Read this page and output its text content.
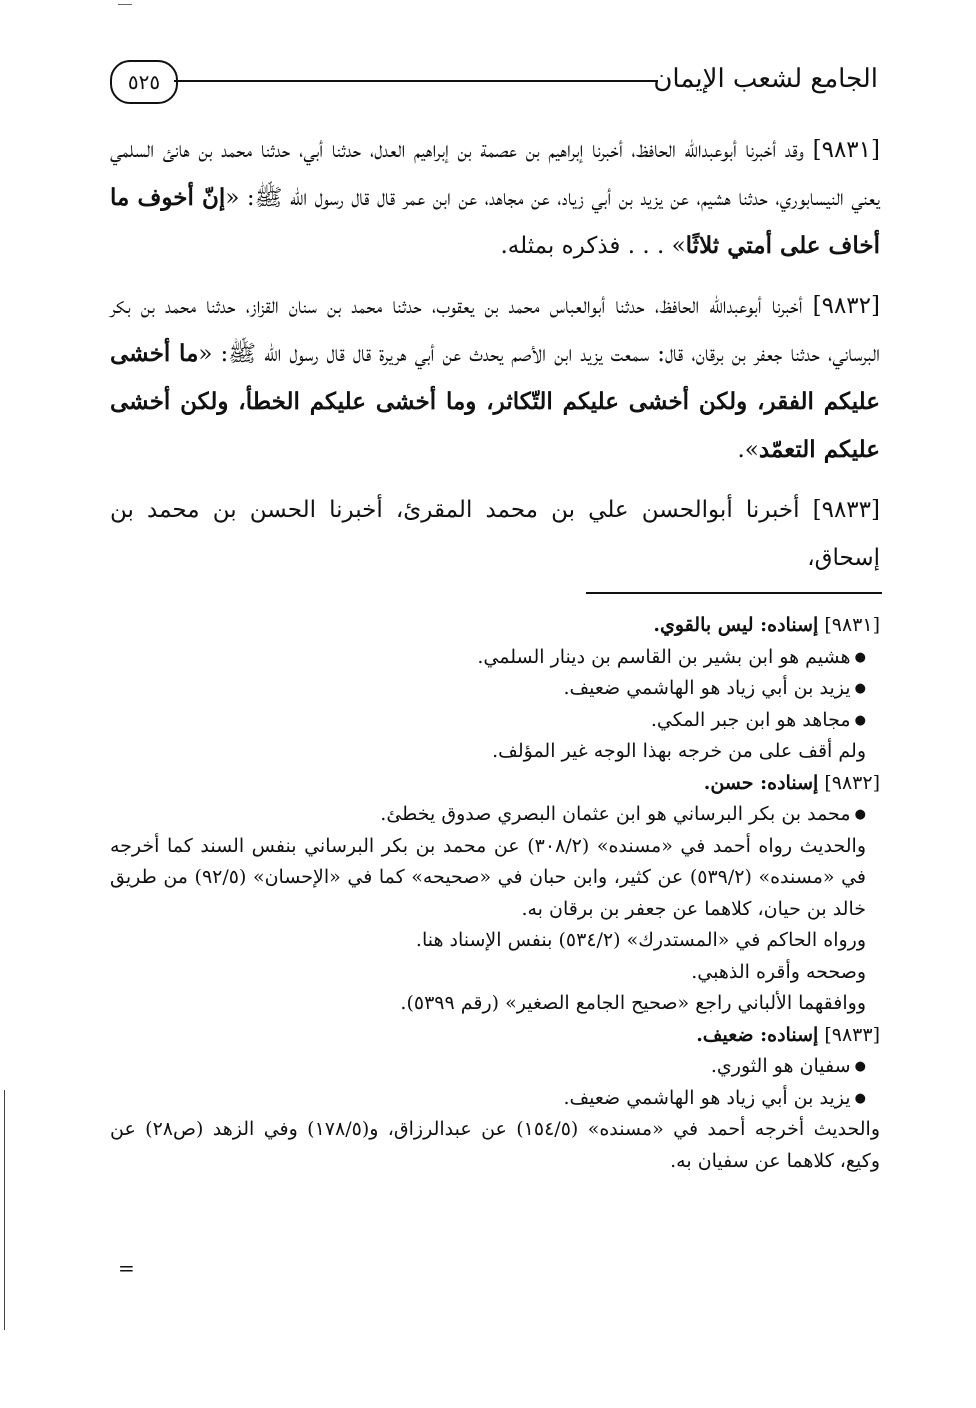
الجامع لشعب الإيمان
٥٢٥

[٩٨٣١] وقد أخبرنا أبوعبدالله الحافظ، أخبرنا إبراهيم بن عصمة بن إبراهيم العدل، حدثنا أبي، حدثنا محمد بن هانئ السلمي يعني النيسابوري، حدثنا هشيم، عن يزيد بن أبي زياد، عن مجاهد، عن ابن عمر قال قال رسول الله ﷺ: «إنّ أخوف ما أخاف على أمتي ثلاثًا» . . . فذكره بمثله.

[٩٨٣٢] أخبرنا أبوعبدالله الحافظ، حدثنا أبوالعباس محمد بن يعقوب، حدثنا محمد بن سنان القزاز، حدثنا محمد بن بكر البرساني، حدثنا جعفر بن برقان، قال: سمعت يزيد ابن الأصم يحدث عن أبي هريرة قال قال رسول الله ﷺ: «ما أخشى عليكم الفقر، ولكن أخشى عليكم التّكاثر، وما أخشى عليكم الخطأ، ولكن أخشى عليكم التعمّد».

[٩٨٣٣] أخبرنا أبوالحسن علي بن محمد المقرئ، أخبرنا الحسن بن محمد بن إسحاق،

[٩٨٣١] إسناده: ليس بالقوي.

● هشيم هو ابن بشير بن القاسم بن دينار السلمي.

● يزيد بن أبي زياد هو الهاشمي ضعيف.

● مجاهد هو ابن جبر المكي.

ولم أقف على من خرجه بهذا الوجه غير المؤلف.

[٩٨٣٢] إسناده: حسن.

● محمد بن بكر البرساني هو ابن عثمان البصري صدوق يخطئ.

والحديث رواه أحمد في «مسنده» (٣٠٨/٢) عن محمد بن بكر البرساني بنفس السند كما أخرجه في «مسنده» (٥٣٩/٢) عن كثير، وابن حبان في «صحيحه» كما في «الإحسان» (٩٢/٥) من طريق خالد بن حيان، كلاهما عن جعفر بن برقان به.

ورواه الحاكم في «المستدرك» (٥٣٤/٢) بنفس الإسناد هنا.

وصححه وأقره الذهبي.

ووافقهما الألباني راجع «صحيح الجامع الصغير» (رقم ٥٣٩٩).

[٩٨٣٣] إسناده: ضعيف.

● سفيان هو الثوري.

● يزيد بن أبي زياد هو الهاشمي ضعيف.

والحديث أخرجه أحمد في «مسنده» (١٥٤/٥) عن عبدالرزاق، و(١٧٨/٥) وفي الزهد (ص٢٨) عن وكيع، كلاهما عن سفيان به.

=
